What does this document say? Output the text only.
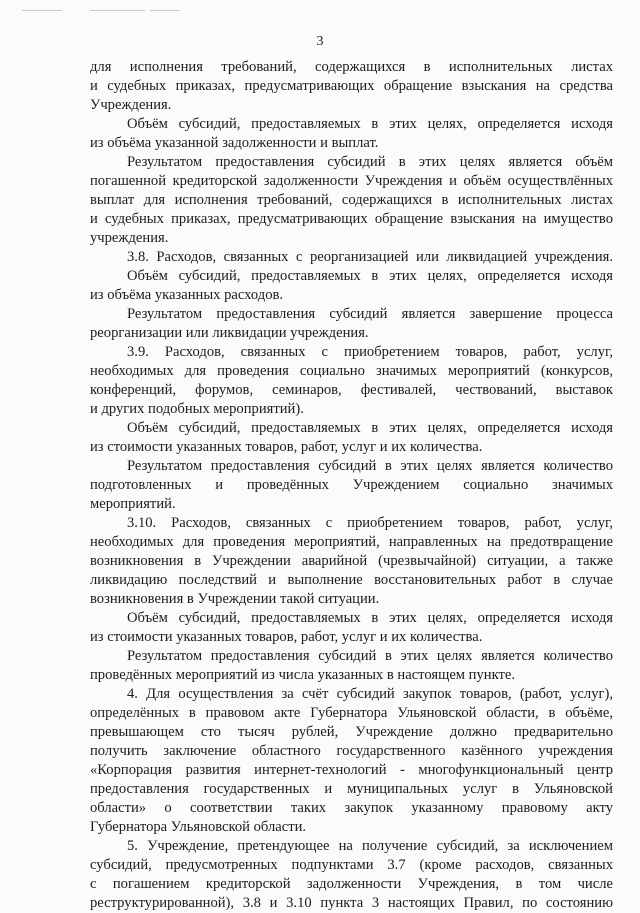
3
для исполнения требований, содержащихся в исполнительных листах
и судебных приказах, предусматривающих обращение взыскания на средства
Учреждения.
Объём субсидий, предоставляемых в этих целях, определяется исходя
из объёма указанной задолженности и выплат.
Результатом предоставления субсидий в этих целях является объём
погашенной кредиторской задолженности Учреждения и объём осуществлённых
выплат для исполнения требований, содержащихся в исполнительных листах
и судебных приказах, предусматривающих обращение взыскания на имущество
учреждения.
3.8. Расходов, связанных с реорганизацией или ликвидацией учреждения.
Объём субсидий, предоставляемых в этих целях, определяется исходя
из объёма указанных расходов.
Результатом предоставления субсидий является завершение процесса
реорганизации или ликвидации учреждения.
3.9. Расходов, связанных с приобретением товаров, работ, услуг,
необходимых для проведения социально значимых мероприятий (конкурсов,
конференций, форумов, семинаров, фестивалей, чествований, выставок
и других подобных мероприятий).
Объём субсидий, предоставляемых в этих целях, определяется исходя
из стоимости указанных товаров, работ, услуг и их количества.
Результатом предоставления субсидий в этих целях является количество
подготовленных и проведённых Учреждением социально значимых
мероприятий.
3.10. Расходов, связанных с приобретением товаров, работ, услуг,
необходимых для проведения мероприятий, направленных на предотвращение
возникновения в Учреждении аварийной (чрезвычайной) ситуации, а также
ликвидацию последствий и выполнение восстановительных работ в случае
возникновения в Учреждении такой ситуации.
Объём субсидий, предоставляемых в этих целях, определяется исходя
из стоимости указанных товаров, работ, услуг и их количества.
Результатом предоставления субсидий в этих целях является количество
проведённых мероприятий из числа указанных в настоящем пункте.
4. Для осуществления за счёт субсидий закупок товаров, (работ, услуг),
определённых в правовом акте Губернатора Ульяновской области, в объёме,
превышающем сто тысяч рублей, Учреждение должно предварительно
получить заключение областного государственного казённого учреждения
«Корпорация развития интернет-технологий - многофункциональный центр
предоставления государственных и муниципальных услуг в Ульяновской
области» о соответствии таких закупок указанному правовому акту
Губернатора Ульяновской области.
5. Учреждение, претендующее на получение субсидий, за исключением
субсидий, предусмотренных подпунктами 3.7 (кроме расходов, связанных
с погашением кредиторской задолженности Учреждения, в том числе
реструктурированной), 3.8 и 3.10 пункта 3 настоящих Правил, по состоянию
